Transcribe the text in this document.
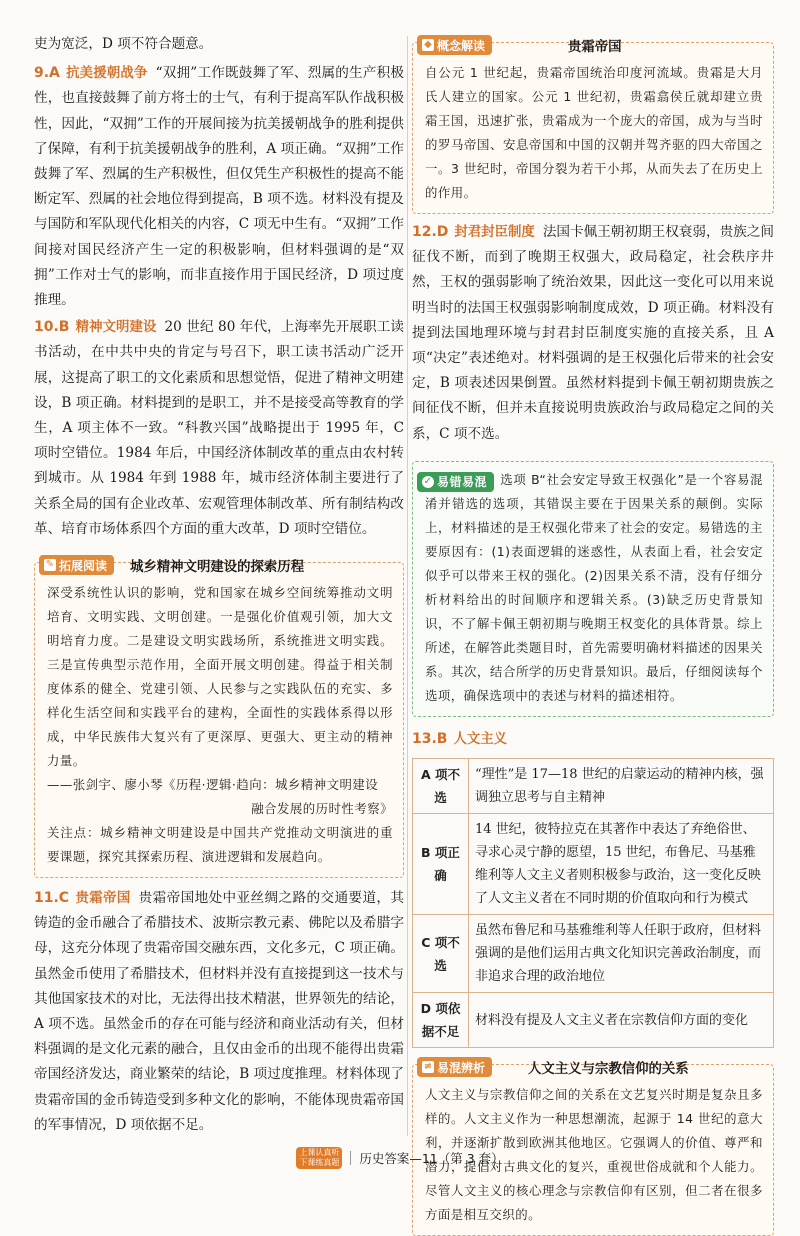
吏为宽泛，D 项不符合题意。

9.A 抗美援朝战争 “双拥”工作既鼓舞了军、烈属的生产积极性，也直接鼓舞了前方将士的士气，有利于提高军队作战积极性，因此，“双拥”工作的开展间接为抗美援朝战争的胜利提供了保障，有利于抗美援朝战争的胜利，A 项正确。“双拥”工作鼓舞了军、烈属的生产积极性，但仅凭生产积极性的提高不能断定军、烈属的社会地位得到提高，B 项不选。材料没有提及与国防和军队现代化相关的内容，C 项无中生有。“双拥”工作间接对国民经济产生一定的积极影响，但材料强调的是“双拥”工作对士气的影响，而非直接作用于国民经济，D 项过度推理。

10.B 精神文明建设 20 世纪 80 年代，上海率先开展职工读书活动，在中共中央的肯定与号召下，职工读书活动广泛开展，这提高了职工的文化素质和思想觉悟，促进了精神文明建设，B 项正确。材料提到的是职工，并不是接受高等教育的学生，A 项主体不一致。“科教兴国”战略提出于 1995 年，C 项时空错位。1984 年后，中国经济体制改革的重点由农村转到城市。从 1984 年到 1988 年，城市经济体制主要进行了关系全局的国有企业改革、宏观管理体制改革、所有制结构改革、培育市场体系四个方面的重大改革，D 项时空错位。

✎ 拓展阅读 城乡精神文明建设的探索历程

深受系统性认识的影响，党和国家在城乡空间统筹推动文明培育、文明实践、文明创建。一是强化价值观引领，加大文明培育力度。二是建设文明实践场所，系统推进文明实践。三是宣传典型示范作用，全面开展文明创建。得益于相关制度体系的健全、党建引领、人民参与之实践队伍的充实、多样化生活空间和实践平台的建构，全面性的实践体系得以形成，中华民族伟大复兴有了更深厚、更强大、更主动的精神力量。

——张剑宇、廖小琴《历程·逻辑·趋向：城乡精神文明建设

融合发展的历时性考察》

关注点：城乡精神文明建设是中国共产党推动文明演进的重要课题，探究其探索历程、演进逻辑和发展趋向。

11.C 贵霜帝国 贵霜帝国地处中亚丝绸之路的交通要道，其铸造的金币融合了希腊技术、波斯宗教元素、佛陀以及希腊字母，这充分体现了贵霜帝国交融东西，文化多元，C 项正确。虽然金币使用了希腊技术，但材料并没有直接提到这一技术与其他国家技术的对比，无法得出技术精湛，世界领先的结论，A 项不选。虽然金币的存在可能与经济和商业活动有关，但材料强调的是文化元素的融合，且仅由金币的出现不能得出贵霜帝国经济发达，商业繁荣的结论，B 项过度推理。材料体现了贵霜帝国的金币铸造受到多种文化的影响，不能体现贵霜帝国的军事情况，D 项依据不足。

◆ 概念解读	贵霜帝国

自公元 1 世纪起，贵霜帝国统治印度河流域。贵霜是大月氏人建立的国家。公元 1 世纪初，贵霜翕侯丘就却建立贵霜王国，迅速扩张，贵霜成为一个庞大的帝国，成为与当时的罗马帝国、安息帝国和中国的汉朝并驾齐驱的四大帝国之一。3 世纪时，帝国分裂为若干小邦，从而失去了在历史上的作用。

12.D 封君封臣制度 法国卡佩王朝初期王权衰弱，贵族之间征伐不断，而到了晚期王权强大，政局稳定，社会秩序井然，王权的强弱影响了统治效果，因此这一变化可以用来说明当时的法国王权强弱影响制度成效，D 项正确。材料没有提到法国地理环境与封君封臣制度实施的直接关系，且 A 项“决定”表述绝对。材料强调的是王权强化后带来的社会安定，B 项表述因果倒置。虽然材料提到卡佩王朝初期贵族之间征伐不断，但并未直接说明贵族政治与政局稳定之间的关系，C 项不选。

✓ 易错易混 选项 B“社会安定导致王权强化”是一个容易混淆并错选的选项，其错误主要在于因果关系的颠倒。实际上，材料描述的是王权强化带来了社会的安定。易错选的主要原因有：(1)表面逻辑的迷惑性，从表面上看，社会安定似乎可以带来王权的强化。(2)因果关系不清，没有仔细分析材料给出的时间顺序和逻辑关系。(3)缺乏历史背景知识，不了解卡佩王朝初期与晚期王权变化的具体背景。综上所述，在解答此类题目时，首先需要明确材料描述的因果关系。其次，结合所学的历史背景知识。最后，仔细阅读每个选项，确保选项中的表述与材料的描述相符。

13.B 人文主义

A 项不选	“理性”是 17—18 世纪的启蒙运动的精神内核，强调独立思考与自主精神
B 项正确	14 世纪，彼特拉克在其著作中表达了弃绝俗世、寻求心灵宁静的愿望，15 世纪，布鲁尼、马基雅维利等人文主义者则积极参与政治，这一变化反映了人文主义者在不同时期的价值取向和行为模式
C 项不选	虽然布鲁尼和马基雅维利等人任职于政府，但材料强调的是他们运用古典文化知识完善政治制度，而非追求合理的政治地位
D 项依据不足	材料没有提及人文主义者在宗教信仰方面的变化
≠ 易混辨析	人文主义与宗教信仰的关系

人文主义与宗教信仰之间的关系在文艺复兴时期是复杂且多样的。人文主义作为一种思想潮流，起源于 14 世纪的意大利，并逐渐扩散到欧洲其他地区。它强调人的价值、尊严和潜力，提倡对古典文化的复兴，重视世俗成就和个人能力。尽管人文主义的核心理念与宗教信仰有区别，但二者在很多方面是相互交织的。

上课认真听 下课练真题 历史答案—11（第 3 套）
